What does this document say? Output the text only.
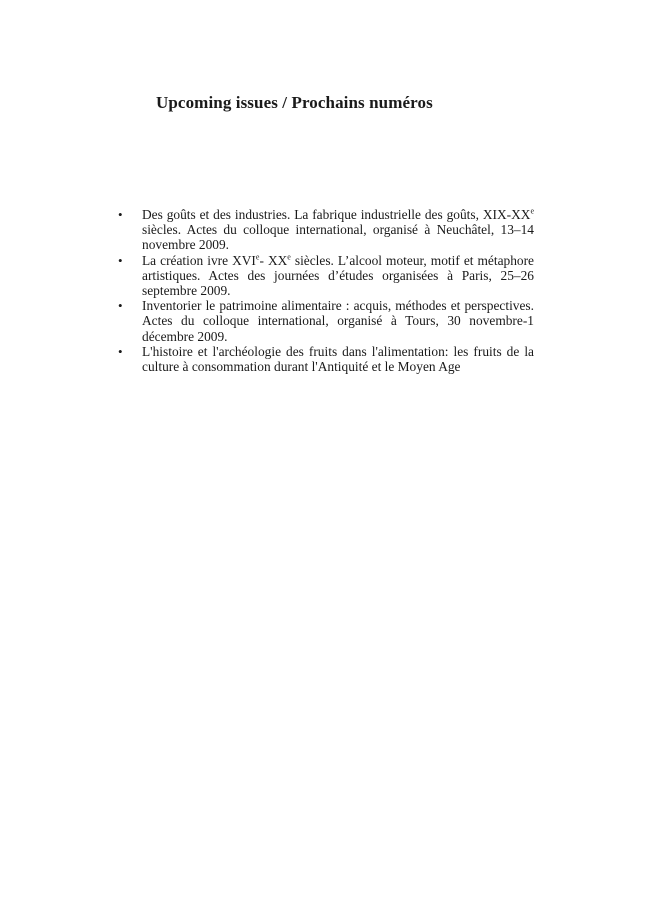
Upcoming issues / Prochains numéros
• Des goûts et des industries. La fabrique industrielle des goûts, XIX-XXe siècles. Actes du colloque international, organisé à Neuchâtel, 13–14 novembre 2009.
• La création ivre XVIe- XXe siècles. L’alcool moteur, motif et métaphore artistiques. Actes des journées d’études organisées à Paris, 25–26 septembre 2009.
• Inventorier le patrimoine alimentaire : acquis, méthodes et perspectives. Actes du colloque international, organisé à Tours, 30 novembre-1 décembre 2009.
• L'histoire et l'archéologie des fruits dans l'alimentation: les fruits de la culture à consommation durant l'Antiquité et le Moyen Age
